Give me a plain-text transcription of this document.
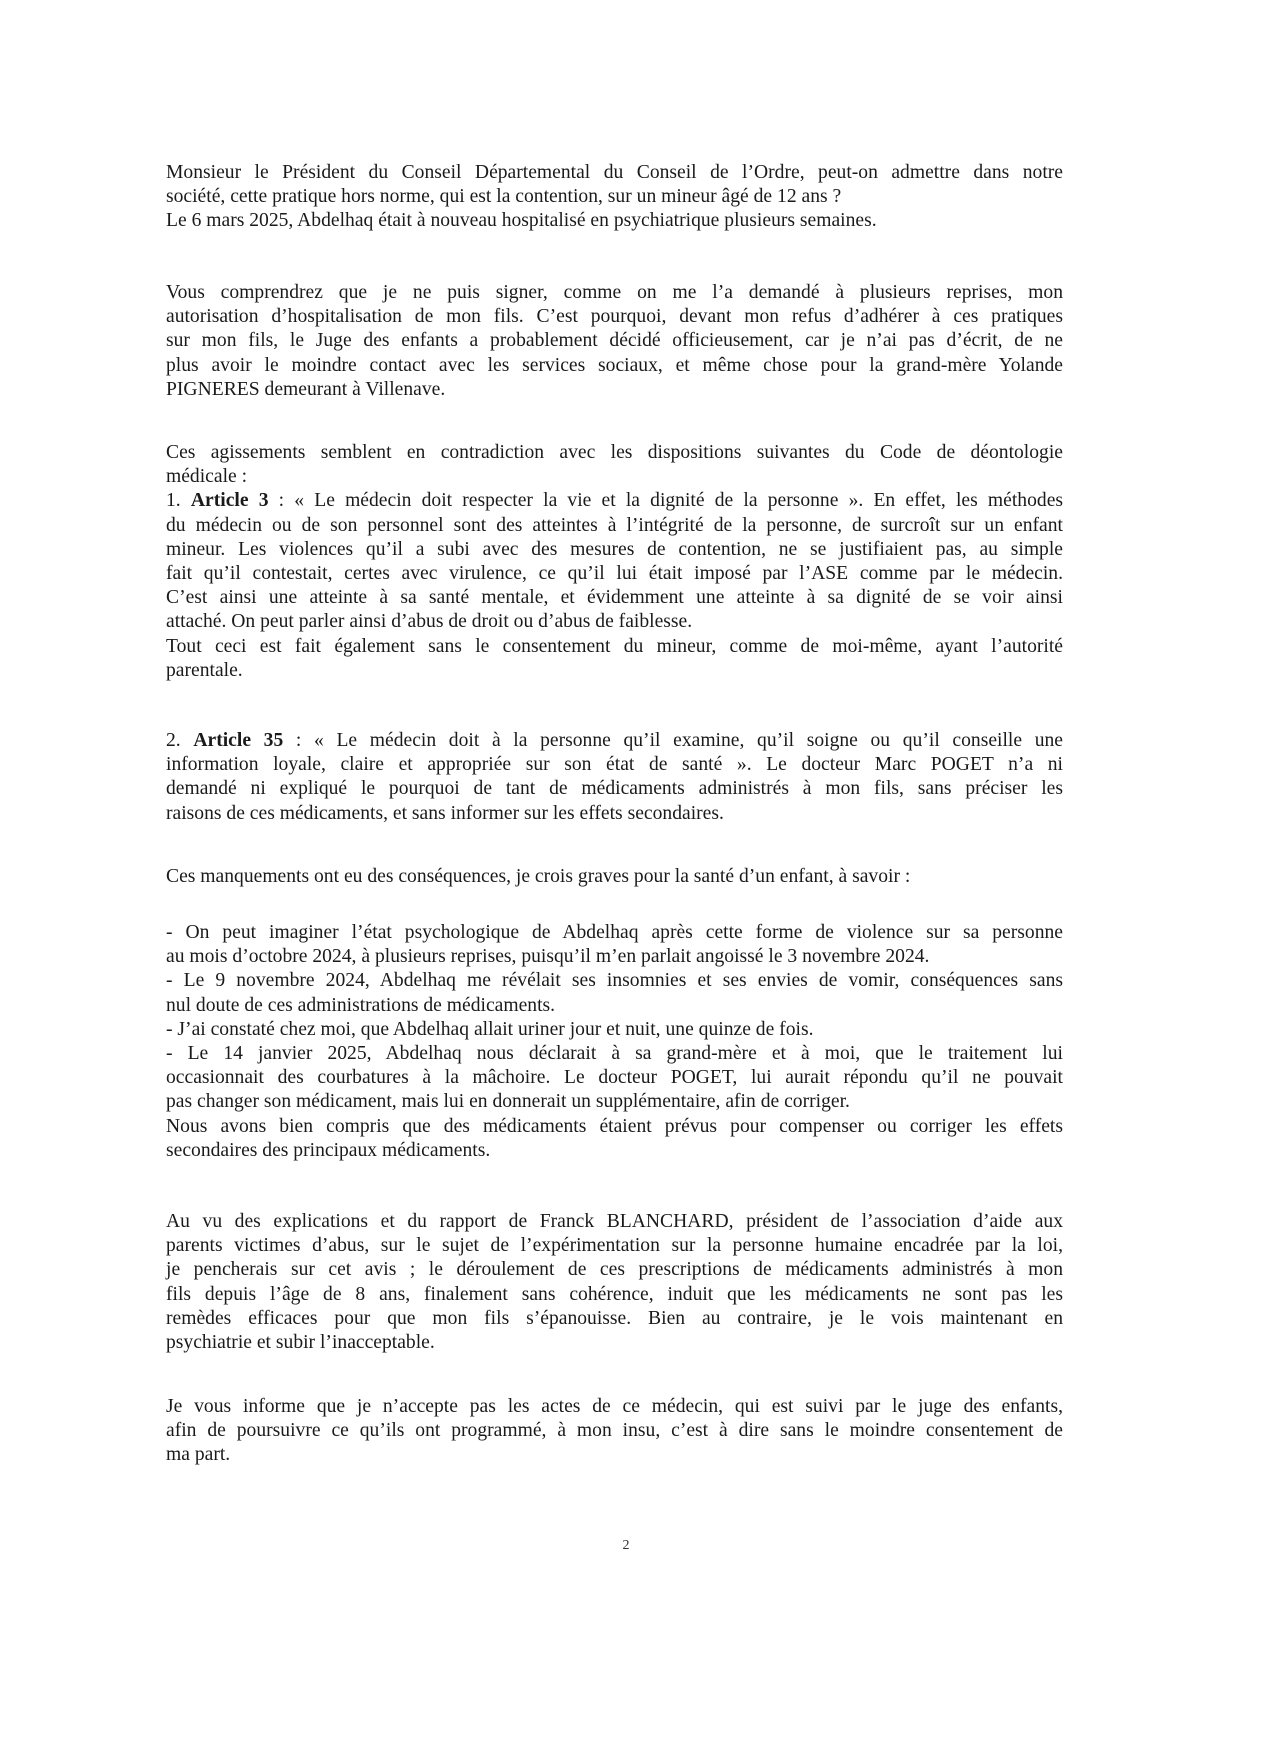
Monsieur le Président du Conseil Départemental du Conseil de l’Ordre, peut-on admettre dans notre
société, cette pratique hors norme, qui est la contention, sur un mineur âgé de 12 ans ?
Le 6 mars 2025, Abdelhaq était à nouveau hospitalisé en psychiatrique plusieurs semaines.
Vous comprendrez que je ne puis signer, comme on me l’a demandé à plusieurs reprises, mon
autorisation d’hospitalisation de mon fils. C’est pourquoi, devant mon refus d’adhérer à ces pratiques
sur mon fils, le Juge des enfants a probablement décidé officieusement, car je n’ai pas d’écrit, de ne
plus avoir le moindre contact avec les services sociaux, et même chose pour la grand-mère Yolande
PIGNERES demeurant à Villenave.
Ces agissements semblent en contradiction avec les dispositions suivantes du Code de déontologie
médicale :
1. Article 3 : « Le médecin doit respecter la vie et la dignité de la personne ». En effet, les méthodes
du médecin ou de son personnel sont des atteintes à l’intégrité de la personne, de surcroît sur un enfant
mineur. Les violences qu’il a subi avec des mesures de contention, ne se justifiaient pas, au simple
fait qu’il contestait, certes avec virulence, ce qu’il lui était imposé par l’ASE comme par le médecin.
C’est ainsi une atteinte à sa santé mentale, et évidemment une atteinte à sa dignité de se voir ainsi
attaché. On peut parler ainsi d’abus de droit ou d’abus de faiblesse.
Tout ceci est fait également sans le consentement du mineur, comme de moi-même, ayant l’autorité
parentale.
2. Article 35 : « Le médecin doit à la personne qu’il examine, qu’il soigne ou qu’il conseille une
information loyale, claire et appropriée sur son état de santé ». Le docteur Marc POGET n’a ni
demandé ni expliqué le pourquoi de tant de médicaments administrés à mon fils, sans préciser les
raisons de ces médicaments, et sans informer sur les effets secondaires.
Ces manquements ont eu des conséquences, je crois graves pour la santé d’un enfant, à savoir :
- On peut imaginer l’état psychologique de Abdelhaq après cette forme de violence sur sa personne
au mois d’octobre 2024, à plusieurs reprises, puisqu’il m’en parlait angoissé le 3 novembre 2024.
- Le 9 novembre 2024, Abdelhaq me révélait ses insomnies et ses envies de vomir, conséquences sans
nul doute de ces administrations de médicaments.
- J’ai constaté chez moi, que Abdelhaq allait uriner jour et nuit, une quinze de fois.
- Le 14 janvier 2025, Abdelhaq nous déclarait à sa grand-mère et à moi, que le traitement lui
occasionnait des courbatures à la mâchoire. Le docteur POGET, lui aurait répondu qu’il ne pouvait
pas changer son médicament, mais lui en donnerait un supplémentaire, afin de corriger.
Nous avons bien compris que des médicaments étaient prévus pour compenser ou corriger les effets
secondaires des principaux médicaments.
Au vu des explications et du rapport de Franck BLANCHARD, président de l’association d’aide aux
parents victimes d’abus, sur le sujet de l’expérimentation sur la personne humaine encadrée par la loi,
je pencherais sur cet avis ; le déroulement de ces prescriptions de médicaments administrés à mon
fils depuis l’âge de 8 ans, finalement sans cohérence, induit que les médicaments ne sont pas les
remèdes efficaces pour que mon fils s’épanouisse. Bien au contraire, je le vois maintenant en
psychiatrie et subir l’inacceptable.
Je vous informe que je n’accepte pas les actes de ce médecin, qui est suivi par le juge des enfants,
afin de poursuivre ce qu’ils ont programmé, à mon insu, c’est à dire sans le moindre consentement de
ma part.
2
